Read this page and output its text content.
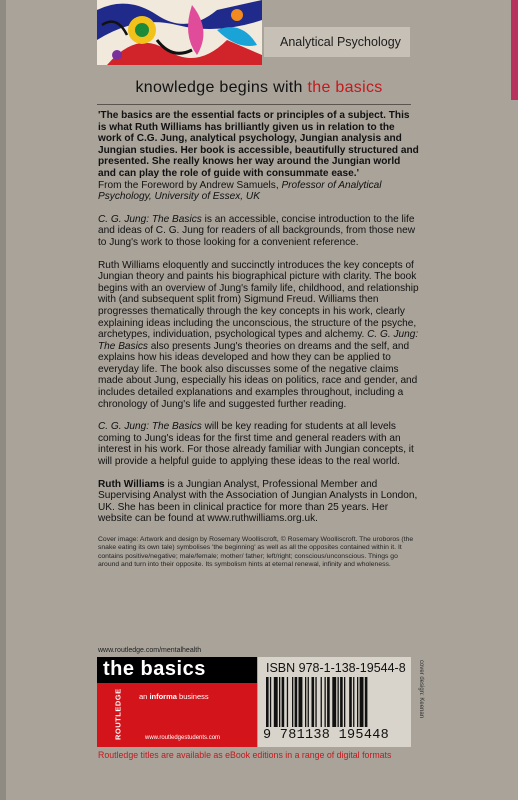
Analytical Psychology
knowledge begins with the basics

'The basics are the essential facts or principles of a subject. This is what Ruth Williams has brilliantly given us in relation to the work of C.G. Jung, analytical psychology, Jungian analysis and Jungian studies. Her book is accessible, beautifully structured and presented. She really knows her way around the Jungian world and can play the role of guide with consummate ease.'

From the Foreword by Andrew Samuels, Professor of Analytical Psychology, University of Essex, UK

C. G. Jung: The Basics is an accessible, concise introduction to the life and ideas of C. G. Jung for readers of all backgrounds, from those new to Jung's work to those looking for a convenient reference.

Ruth Williams eloquently and succinctly introduces the key concepts of Jungian theory and paints his biographical picture with clarity. The book begins with an overview of Jung's family life, childhood, and relationship with (and subsequent split from) Sigmund Freud. Williams then progresses thematically through the key concepts in his work, clearly explaining ideas including the unconscious, the structure of the psyche, archetypes, individuation, psychological types and alchemy. C. G. Jung: The Basics also presents Jung's theories on dreams and the self, and explains how his ideas developed and how they can be applied to everyday life. The book also discusses some of the negative claims made about Jung, especially his ideas on politics, race and gender, and includes detailed explanations and examples throughout, including a chronology of Jung's life and suggested further reading.

C. G. Jung: The Basics will be key reading for students at all levels coming to Jung's ideas for the first time and general readers with an interest in his work. For those already familiar with Jungian concepts, it will provide a helpful guide to applying these ideas to the real world.

Ruth Williams is a Jungian Analyst, Professional Member and Supervising Analyst with the Association of Jungian Analysts in London, UK. She has been in clinical practice for more than 25 years. Her website can be found at www.ruthwilliams.org.uk.

Cover image: Artwork and design by Rosemary Woolliscroft, © Rosemary Woolliscroft. The uroboros (the snake eating its own tale) symbolises 'the beginning' as well as all the opposites contained within it. It contains positive/negative; male/female; mother/ father; left/right; conscious/unconscious. Things go around and turn into their opposite. Its symbolism hints at eternal renewal, infinity and wholeness.
www.routledge.com/mentalhealth
the basics
ROUTLEDGE	an informa business
www.routledgestudents.com
ISBN 978-1-138-19544-8
9 781138 195448
cover design: Keenan
Routledge titles are available as eBook editions in a range of digital formats
